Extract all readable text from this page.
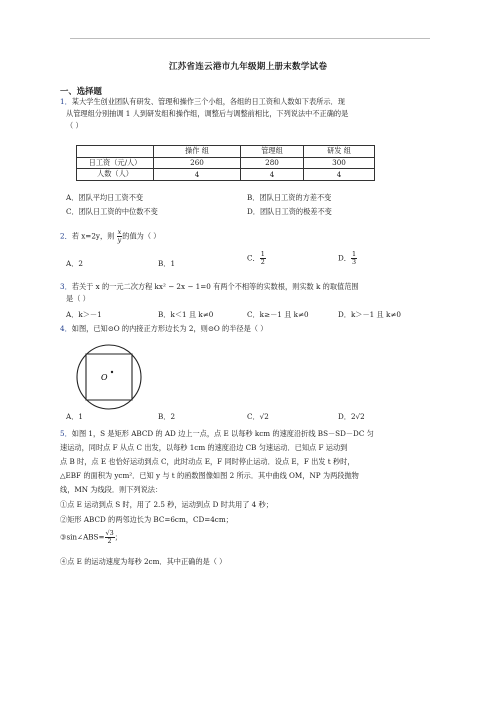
江苏省连云港市九年级期上册末数学试卷
一、选择题
1．某大学生创业团队有研发、管理和操作三个小组，各组的日工资和人数如下表所示．现
从管理组分别抽调 1 人到研发组和操作组，调整后与调整前相比，下列说法中不正确的是
（ ）
	操作 组	管理组	研发 组
日工资（元/人）	260	280	300
人数（人）	4	4	4
A．团队平均日工资不变	B．团队日工资的方差不变
C．团队日工资的中位数不变	D．团队日工资的极差不变
2．若 x=2y，则 $\frac{x}{y}$ 的值为（ ）
A．2	B．1
C． $\frac{1}{2}$	D． $\frac{1}{3}$
3．若关于 x 的一元二次方程 kx² − 2x − 1=0 有两个不相等的实数根，则实数 k 的取值范围
是（ ）
A．k＞－1	B．k＜1 且 k≠0	C．k≥－1 且 k≠0	D．k＞－1 且 k≠0
4．如图，已知⊙O 的内接正方形边长为 2，则⊙O 的半径是（ ）
O
A．1	B．2	C．√2	D．2√2
5．如图 1，S 是矩形 ABCD 的 AD 边上一点，点 E 以每秒 kcm 的速度沿折线 BS－SD－DC 匀
速运动，同时点 F 从点 C 出发，以每秒 1cm 的速度沿边 CB 匀速运动．已知点 F 运动到
点 B 时，点 E 也恰好运动到点 C，此时动点 E，F 同时停止运动．设点 E，F 出发 t 秒时，
△EBF 的面积为 ycm²．已知 y 与 t 的函数图像如图 2 所示．其中曲线 OM，NP 为两段抛物
线，MN 为线段．则下列说法：
①点 E 运动到点 S 时，用了 2.5 秒，运动到点 D 时共用了 4 秒；
②矩形 ABCD 的两邻边长为 BC=6cm，CD=4cm；
③sin∠ABS= $\frac{√3}{2}$ ；
④点 E 的运动速度为每秒 2cm．其中正确的是（ ）
